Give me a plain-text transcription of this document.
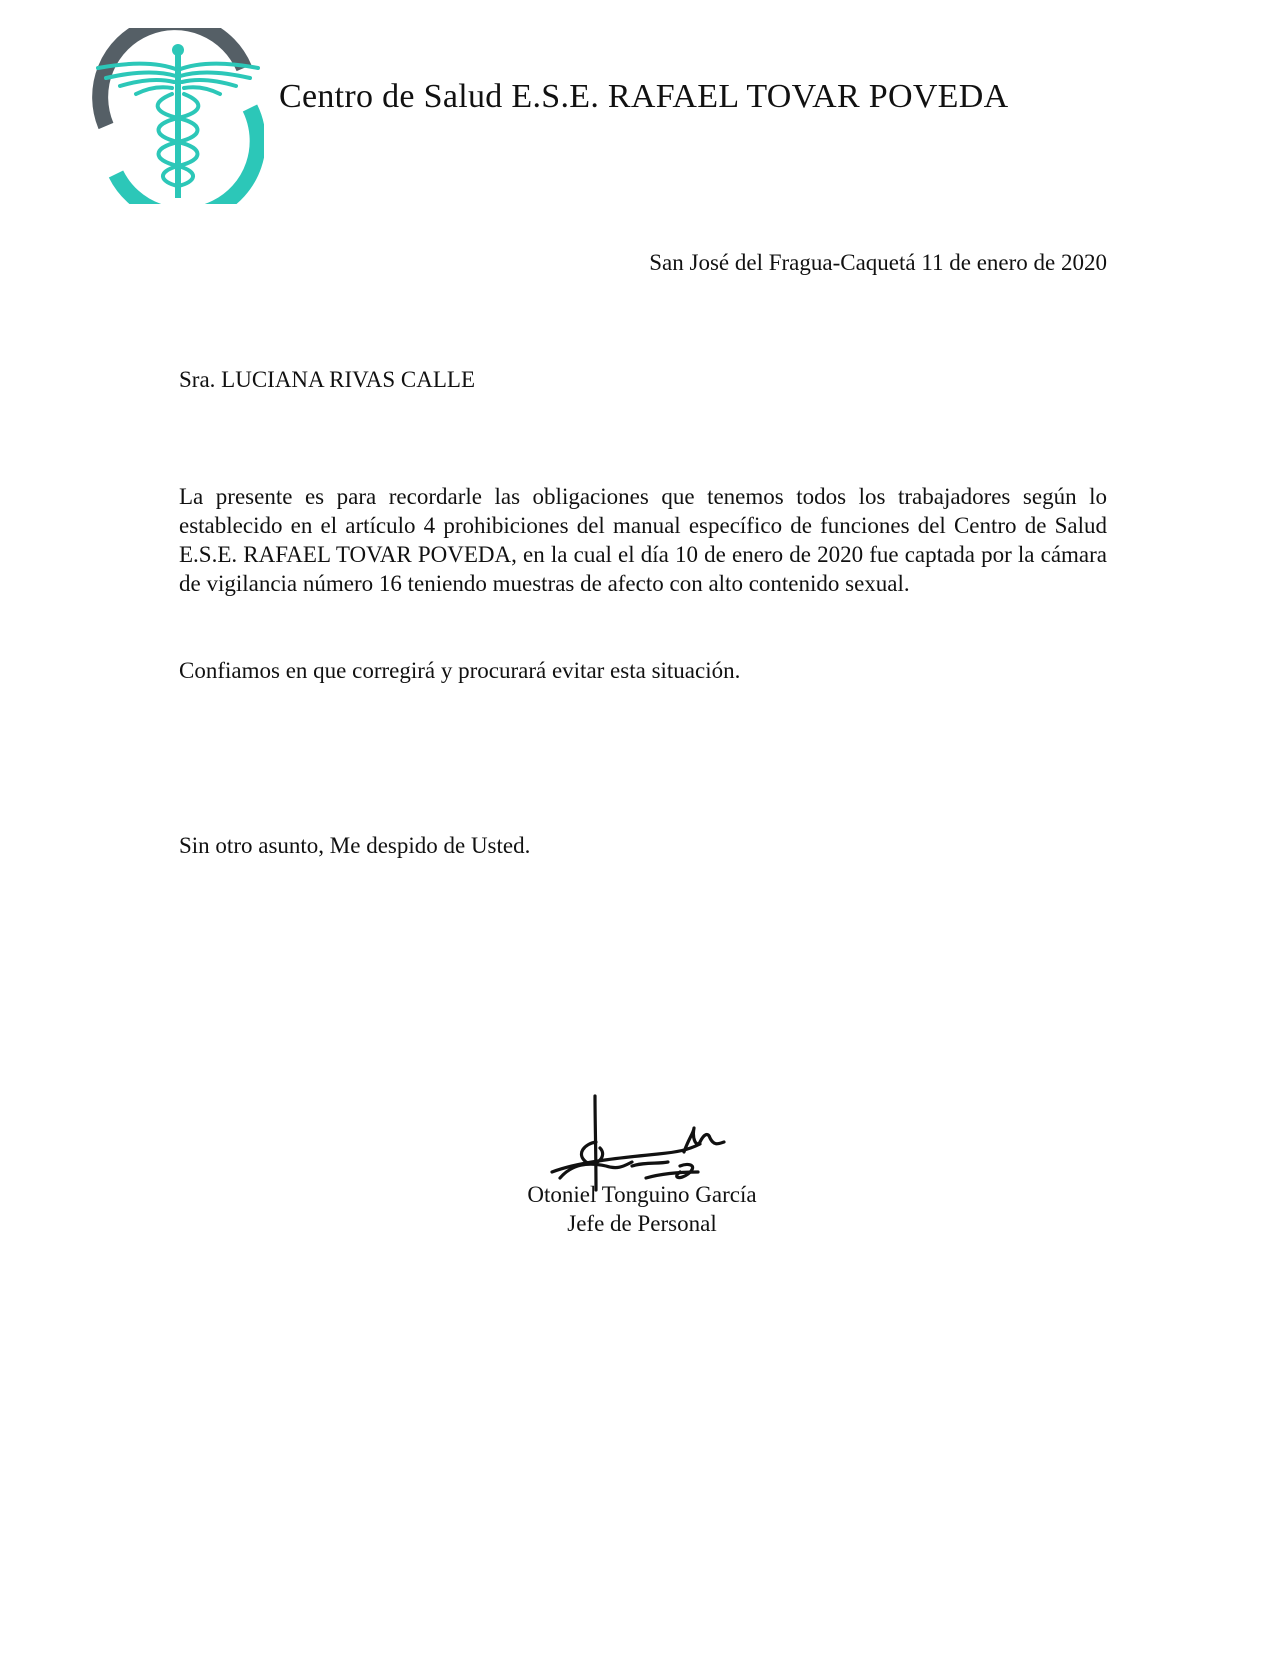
Centro de Salud E.S.E. RAFAEL TOVAR POVEDA
San José del Fragua-Caquetá 11 de enero de 2020
Sra. LUCIANA RIVAS CALLE

La presente es para recordarle las obligaciones que tenemos todos los trabajadores según lo establecido en el artículo 4 prohibiciones del manual específico de funciones del Centro de Salud E.S.E. RAFAEL TOVAR POVEDA, en la cual el día 10 de enero de 2020 fue captada por la cámara de vigilancia número 16 teniendo muestras de afecto con alto contenido sexual.

Confiamos en que corregirá y procurará evitar esta situación.

Sin otro asunto, Me despido de Usted.

Otoniel Tonguino García
Jefe de Personal
